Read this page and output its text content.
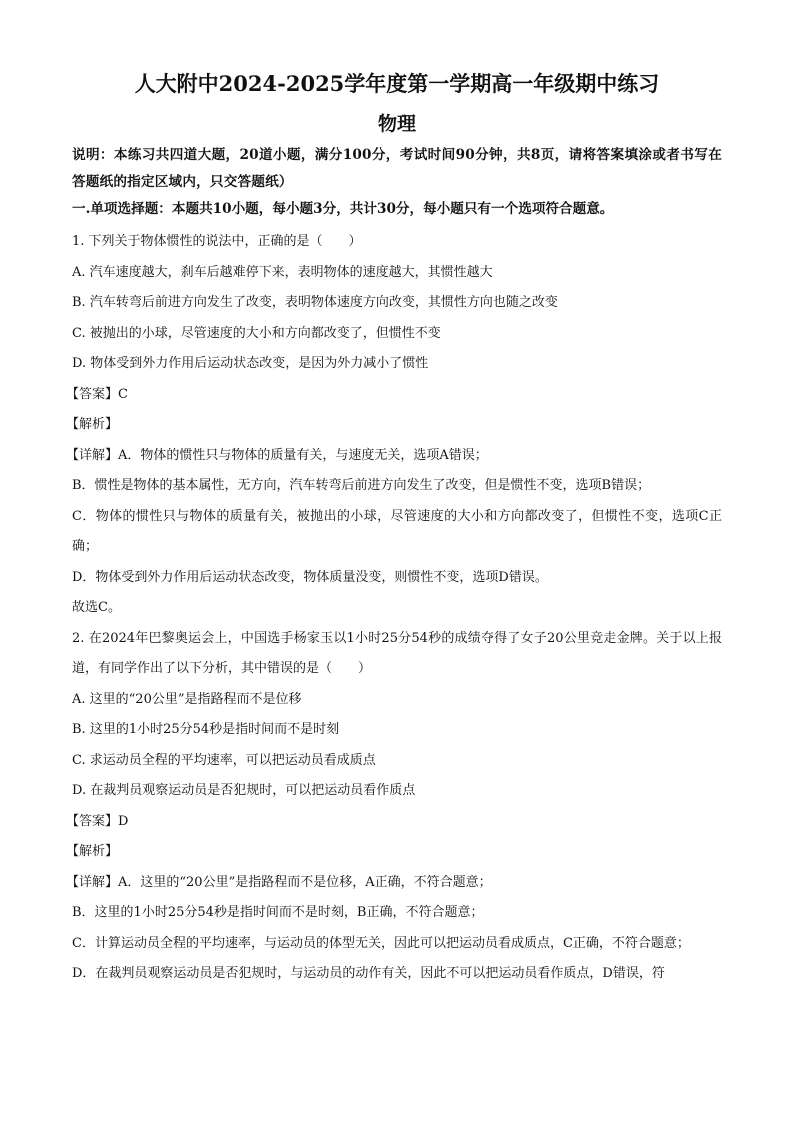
人大附中2024-2025学年度第一学期高一年级期中练习
物理

说明：本练习共四道大题，20道小题，满分100分，考试时间90分钟，共8页，请将答案填涂或者书写在答题纸的指定区域内，只交答题纸）

一.单项选择题：本题共10小题，每小题3分，共计30分，每小题只有一个选项符合题意。

1. 下列关于物体惯性的说法中，正确的是（　　）

A. 汽车速度越大，刹车后越难停下来，表明物体的速度越大，其惯性越大

B. 汽车转弯后前进方向发生了改变，表明物体速度方向改变，其惯性方向也随之改变

C. 被抛出的小球，尽管速度的大小和方向都改变了，但惯性不变

D. 物体受到外力作用后运动状态改变，是因为外力减小了惯性

【答案】C

【解析】

【详解】A．物体的惯性只与物体的质量有关，与速度无关，选项A错误；

B．惯性是物体的基本属性，无方向，汽车转弯后前进方向发生了改变，但是惯性不变，选项B错误；

C．物体的惯性只与物体的质量有关，被抛出的小球，尽管速度的大小和方向都改变了，但惯性不变，选项C正确；

D．物体受到外力作用后运动状态改变，物体质量没变，则惯性不变，选项D错误。

故选C。

2. 在2024年巴黎奥运会上，中国选手杨家玉以1小时25分54秒的成绩夺得了女子20公里竞走金牌。关于以上报道，有同学作出了以下分析，其中错误的是（　　）

A. 这里的“20公里”是指路程而不是位移

B. 这里的1小时25分54秒是指时间而不是时刻

C. 求运动员全程的平均速率，可以把运动员看成质点

D. 在裁判员观察运动员是否犯规时，可以把运动员看作质点

【答案】D

【解析】

【详解】A．这里的“20公里”是指路程而不是位移，A正确，不符合题意；

B．这里的1小时25分54秒是指时间而不是时刻，B正确，不符合题意；

C．计算运动员全程的平均速率，与运动员的体型无关，因此可以把运动员看成质点，C正确，不符合题意；

D．在裁判员观察运动员是否犯规时，与运动员的动作有关，因此不可以把运动员看作质点，D错误，符
